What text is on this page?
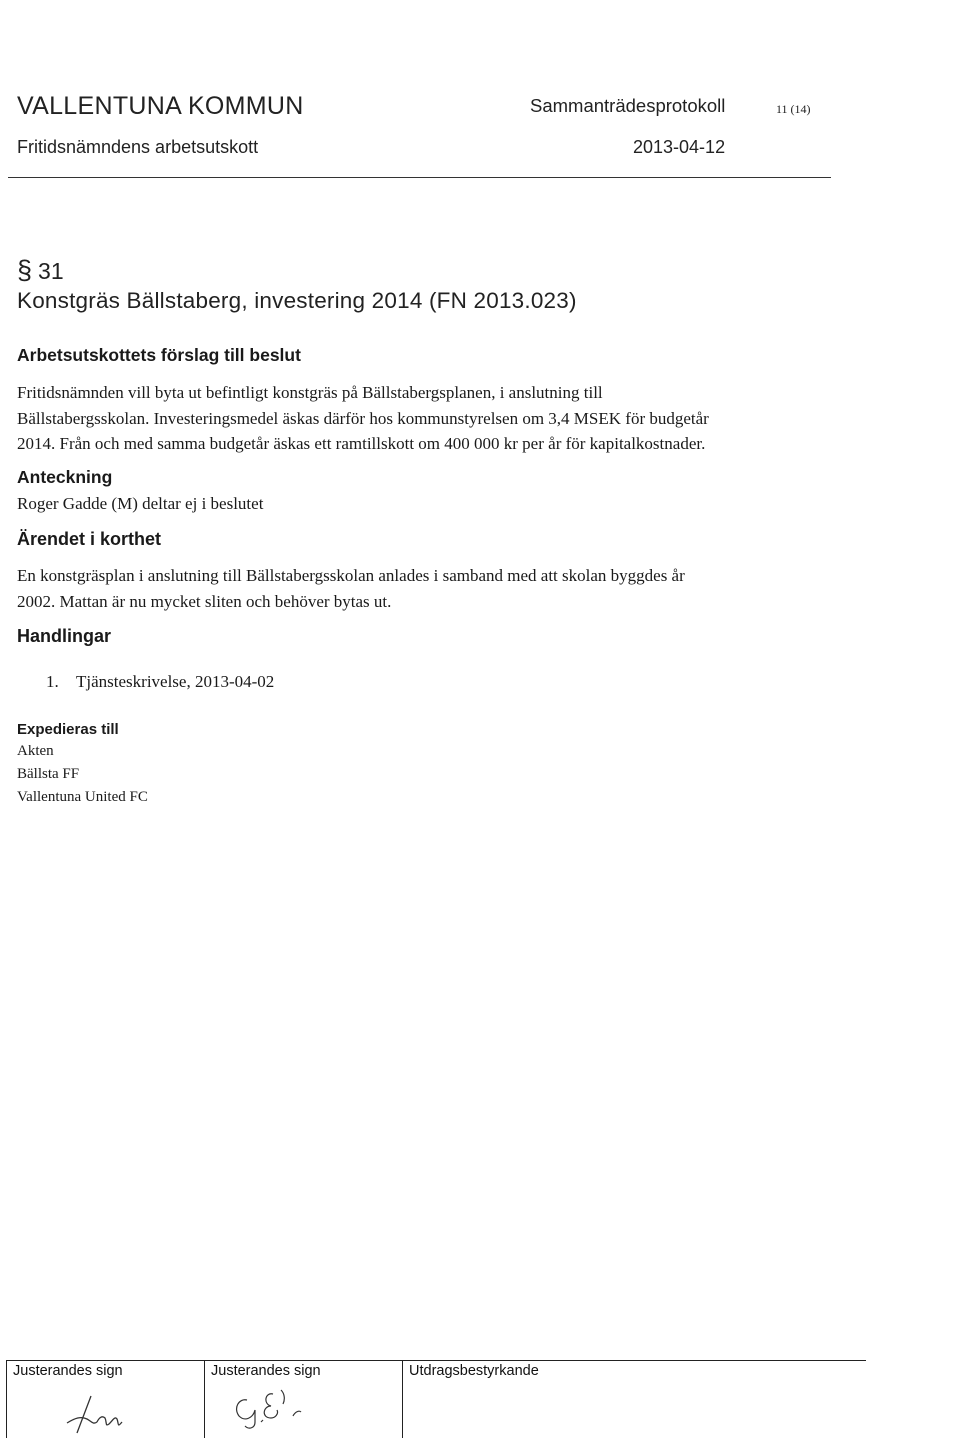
VALLENTUNA KOMMUN	Sammanträdesprotokoll	11 (14)
Fritidsnämndens arbetsutskott	2013-04-12
§ 31
Konstgräs Bällstaberg, investering 2014 (FN 2013.023)
Arbetsutskottets förslag till beslut
Fritidsnämnden vill byta ut befintligt konstgräs på Bällstabergsplanen, i anslutning till
Bällstabergsskolan. Investeringsmedel äskas därför hos kommunstyrelsen om 3,4 MSEK för budgetår
2014. Från och med samma budgetår äskas ett ramtillskott om 400 000 kr per år för kapitalkostnader.
Anteckning
Roger Gadde (M) deltar ej i beslutet
Ärendet i korthet
En konstgräsplan i anslutning till Bällstabergsskolan anlades i samband med att skolan byggdes år
2002. Mattan är nu mycket sliten och behöver bytas ut.
Handlingar
1. Tjänsteskrivelse, 2013-04-02
Expedieras till
Akten
Bällsta FF
Vallentuna United FC
Justerandes sign	Justerandes sign	Utdragsbestyrkande
